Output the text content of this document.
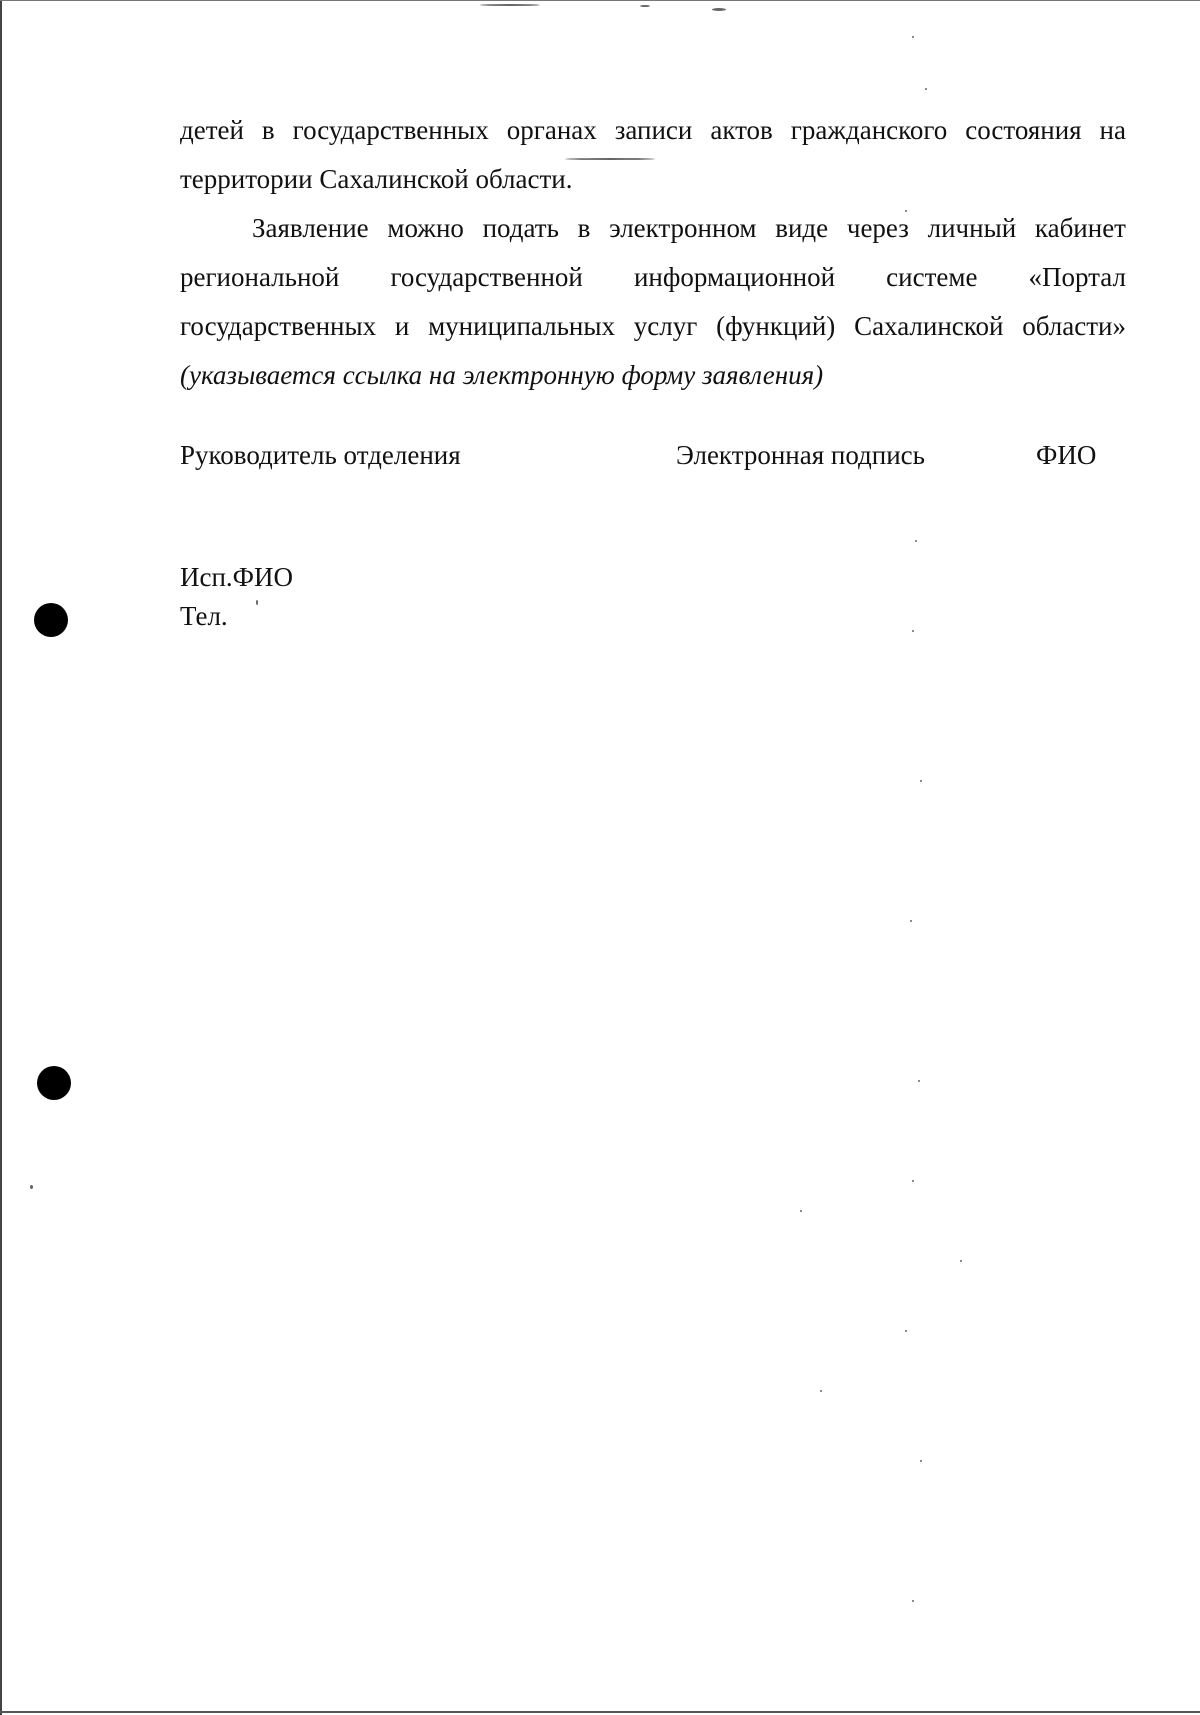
детей в государственных органах записи актов гражданского состояния на
территории Сахалинской области.
Заявление можно подать в электронном виде через личный кабинет
региональной государственной информационной системе «Портал
государственных и муниципальных услуг (функций) Сахалинской области»
(указывается ссылка на электронную форму заявления)
Руководитель отделения	Электронная подпись	ФИО
Исп.ФИО
Тел.
